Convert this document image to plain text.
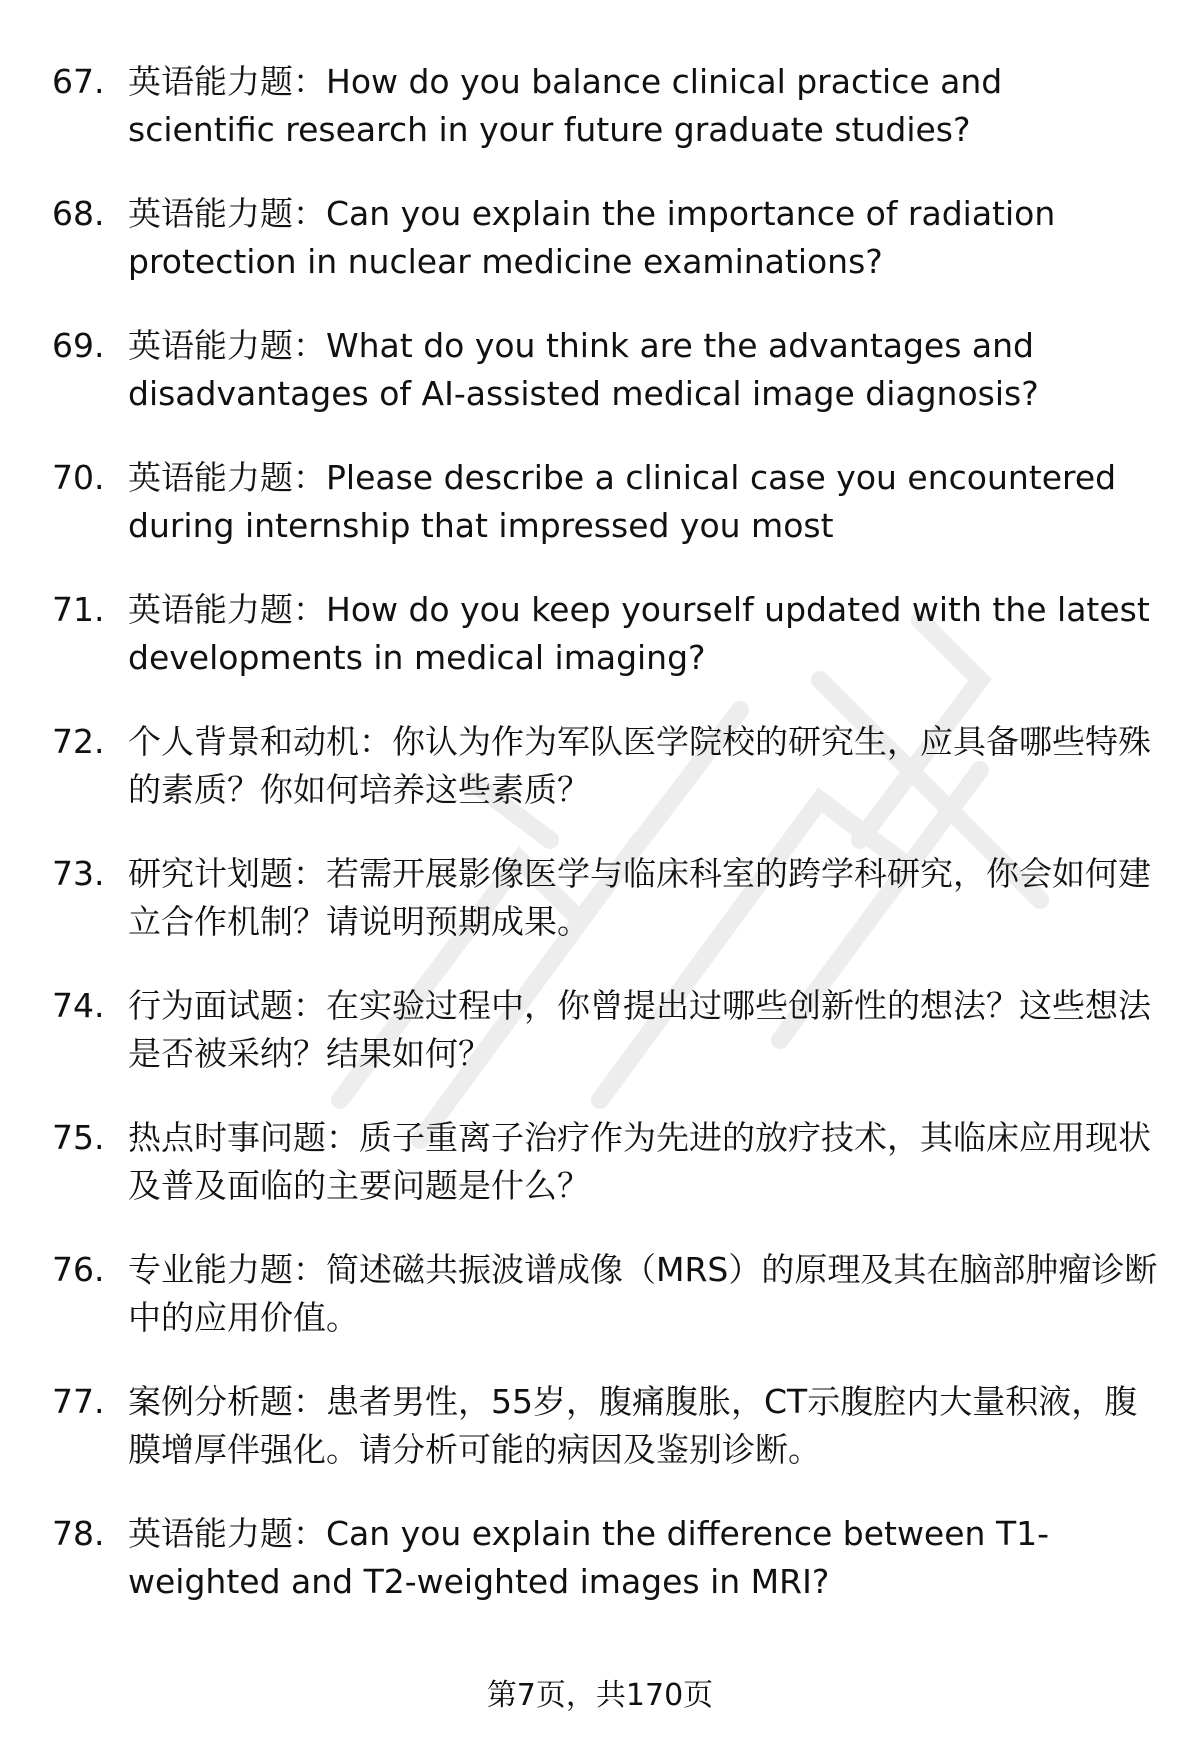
67. 英语能力题：How do you balance clinical practice and scientific research in your future graduate studies?
68. 英语能力题：Can you explain the importance of radiation protection in nuclear medicine examinations?
69. 英语能力题：What do you think are the advantages and disadvantages of AI-assisted medical image diagnosis?
70. 英语能力题：Please describe a clinical case you encountered during internship that impressed you most
71. 英语能力题：How do you keep yourself updated with the latest developments in medical imaging?
72. 个人背景和动机：你认为作为军队医学院校的研究生，应具备哪些特殊的素质？你如何培养这些素质？
73. 研究计划题：若需开展影像医学与临床科室的跨学科研究，你会如何建立合作机制？请说明预期成果。
74. 行为面试题：在实验过程中，你曾提出过哪些创新性的想法？这些想法是否被采纳？结果如何？
75. 热点时事问题：质子重离子治疗作为先进的放疗技术，其临床应用现状及普及面临的主要问题是什么？
76. 专业能力题：简述磁共振波谱成像（MRS）的原理及其在脑部肿瘤诊断中的应用价值。
77. 案例分析题：患者男性，55岁，腹痛腹胀，CT示腹腔内大量积液，腹膜增厚伴强化。请分析可能的病因及鉴别诊断。
78. 英语能力题：Can you explain the difference between T1-weighted and T2-weighted images in MRI?
第7页，共170页
